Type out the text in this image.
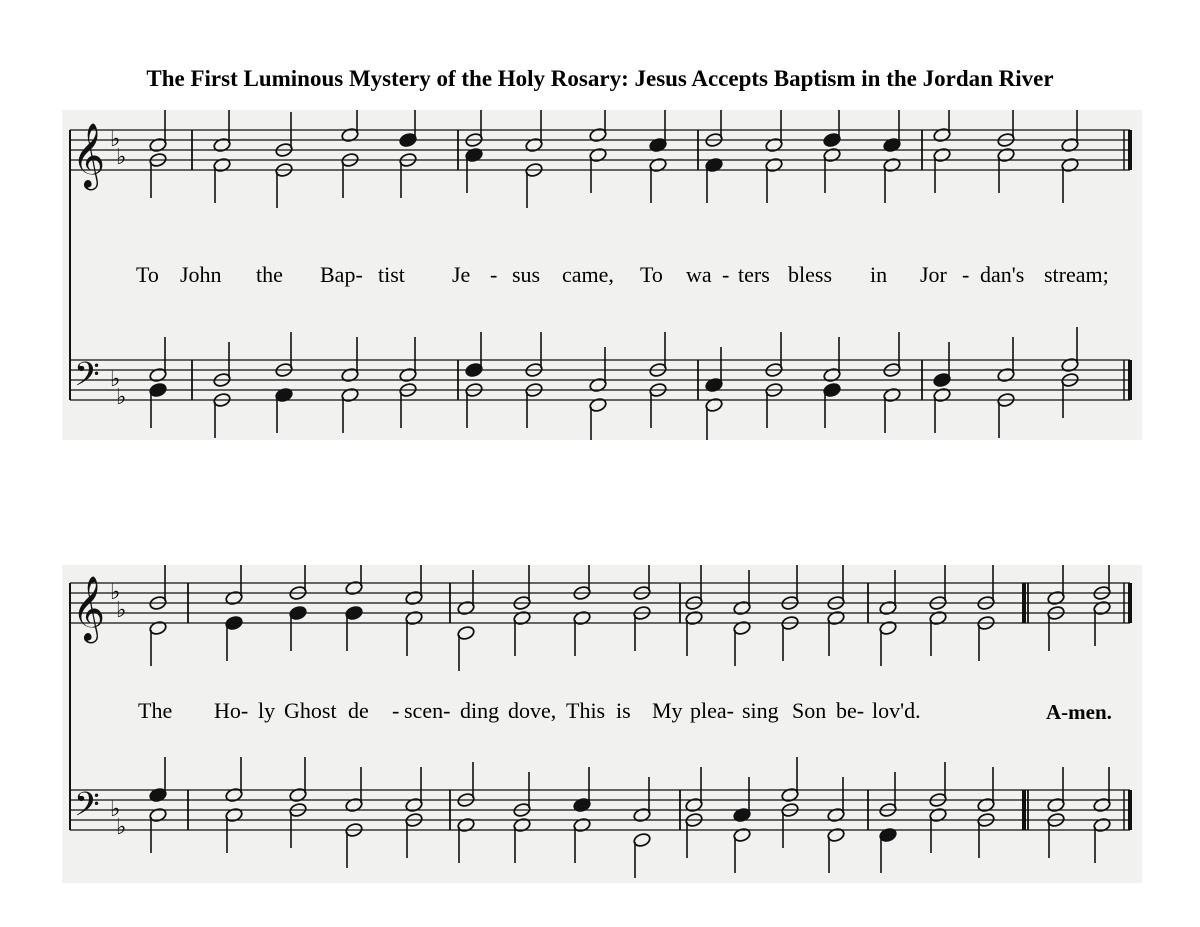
The First Luminous Mystery of the Holy Rosary: Jesus Accepts Baptism in the Jordan River
𝄞
𝄢
♭
♭
♭
♭
To John the Bap- tist Je - sus came, To wa - ters bless in Jor - dan's stream;
𝄞
𝄢
♭
♭
♭
♭
The Ho- ly Ghost de - scen- ding dove, This is My plea- sing Son be- lov'd.	A-men.
